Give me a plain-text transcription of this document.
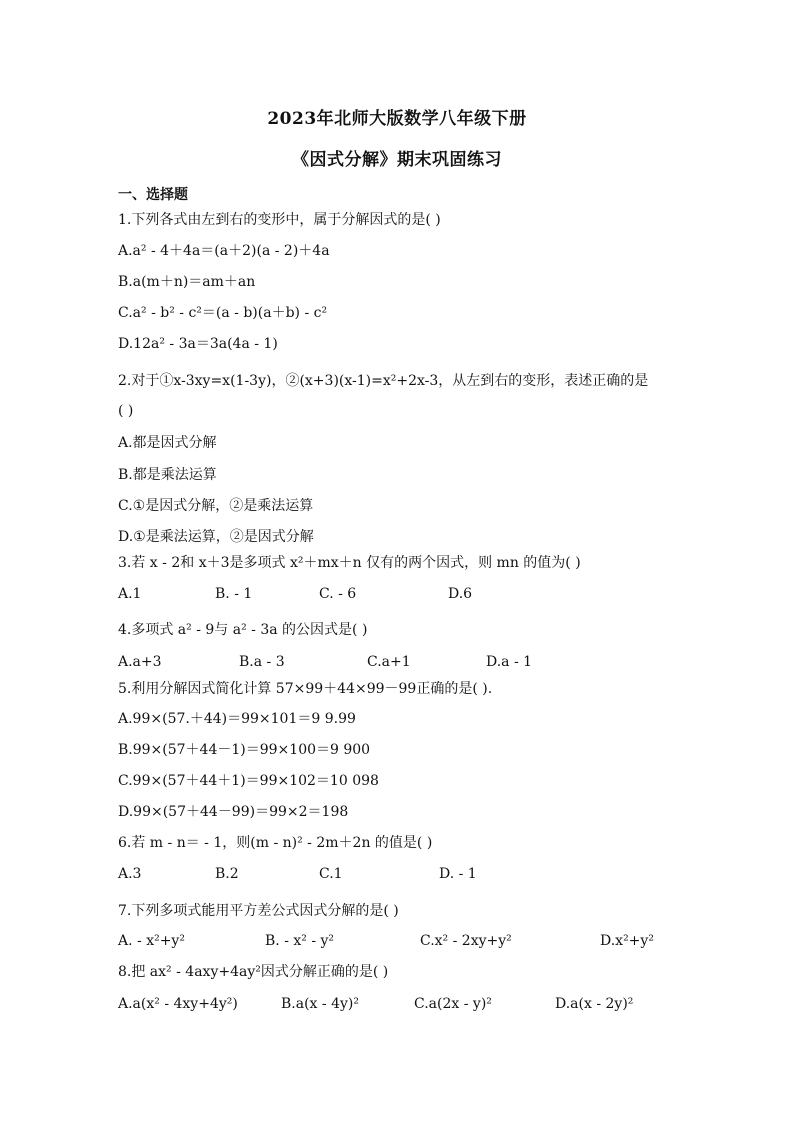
2023年北师大版数学八年级下册
《因式分解》期末巩固练习
一、选择题
1.下列各式由左到右的变形中，属于分解因式的是( )
A.a² - 4＋4a＝(a＋2)(a - 2)＋4a
B.a(m＋n)＝am＋an
C.a² - b² - c²＝(a - b)(a＋b) - c²
D.12a² - 3a＝3a(4a - 1)
2.对于①x-3xy=x(1-3y)，②(x+3)(x-1)=x²+2x-3，从左到右的变形，表述正确的是
( )
A.都是因式分解
B.都是乘法运算
C.①是因式分解，②是乘法运算
D.①是乘法运算，②是因式分解
3.若 x - 2和 x＋3是多项式 x²＋mx＋n 仅有的两个因式，则 mn 的值为( )
A.1	B. - 1	C. - 6	D.6
4.多项式 a² - 9与 a² - 3a 的公因式是( )
A.a+3	B.a - 3	C.a+1	D.a - 1
5.利用分解因式简化计算 57×99＋44×99－99正确的是( ).
A.99×(57.＋44)＝99×101＝9 9.99
B.99×(57＋44－1)＝99×100＝9 900
C.99×(57＋44＋1)＝99×102＝10 098
D.99×(57＋44－99)＝99×2＝198
6.若 m - n＝ - 1，则(m - n)² - 2m＋2n 的值是( )
A.3	B.2	C.1	D. - 1
7.下列多项式能用平方差公式因式分解的是( )
A. - x²+y²	B. - x² - y²	C.x² - 2xy+y²	D.x²+y²
8.把 ax² - 4axy+4ay²因式分解正确的是( )
A.a(x² - 4xy+4y²)	B.a(x - 4y)²	C.a(2x - y)²	D.a(x - 2y)²
